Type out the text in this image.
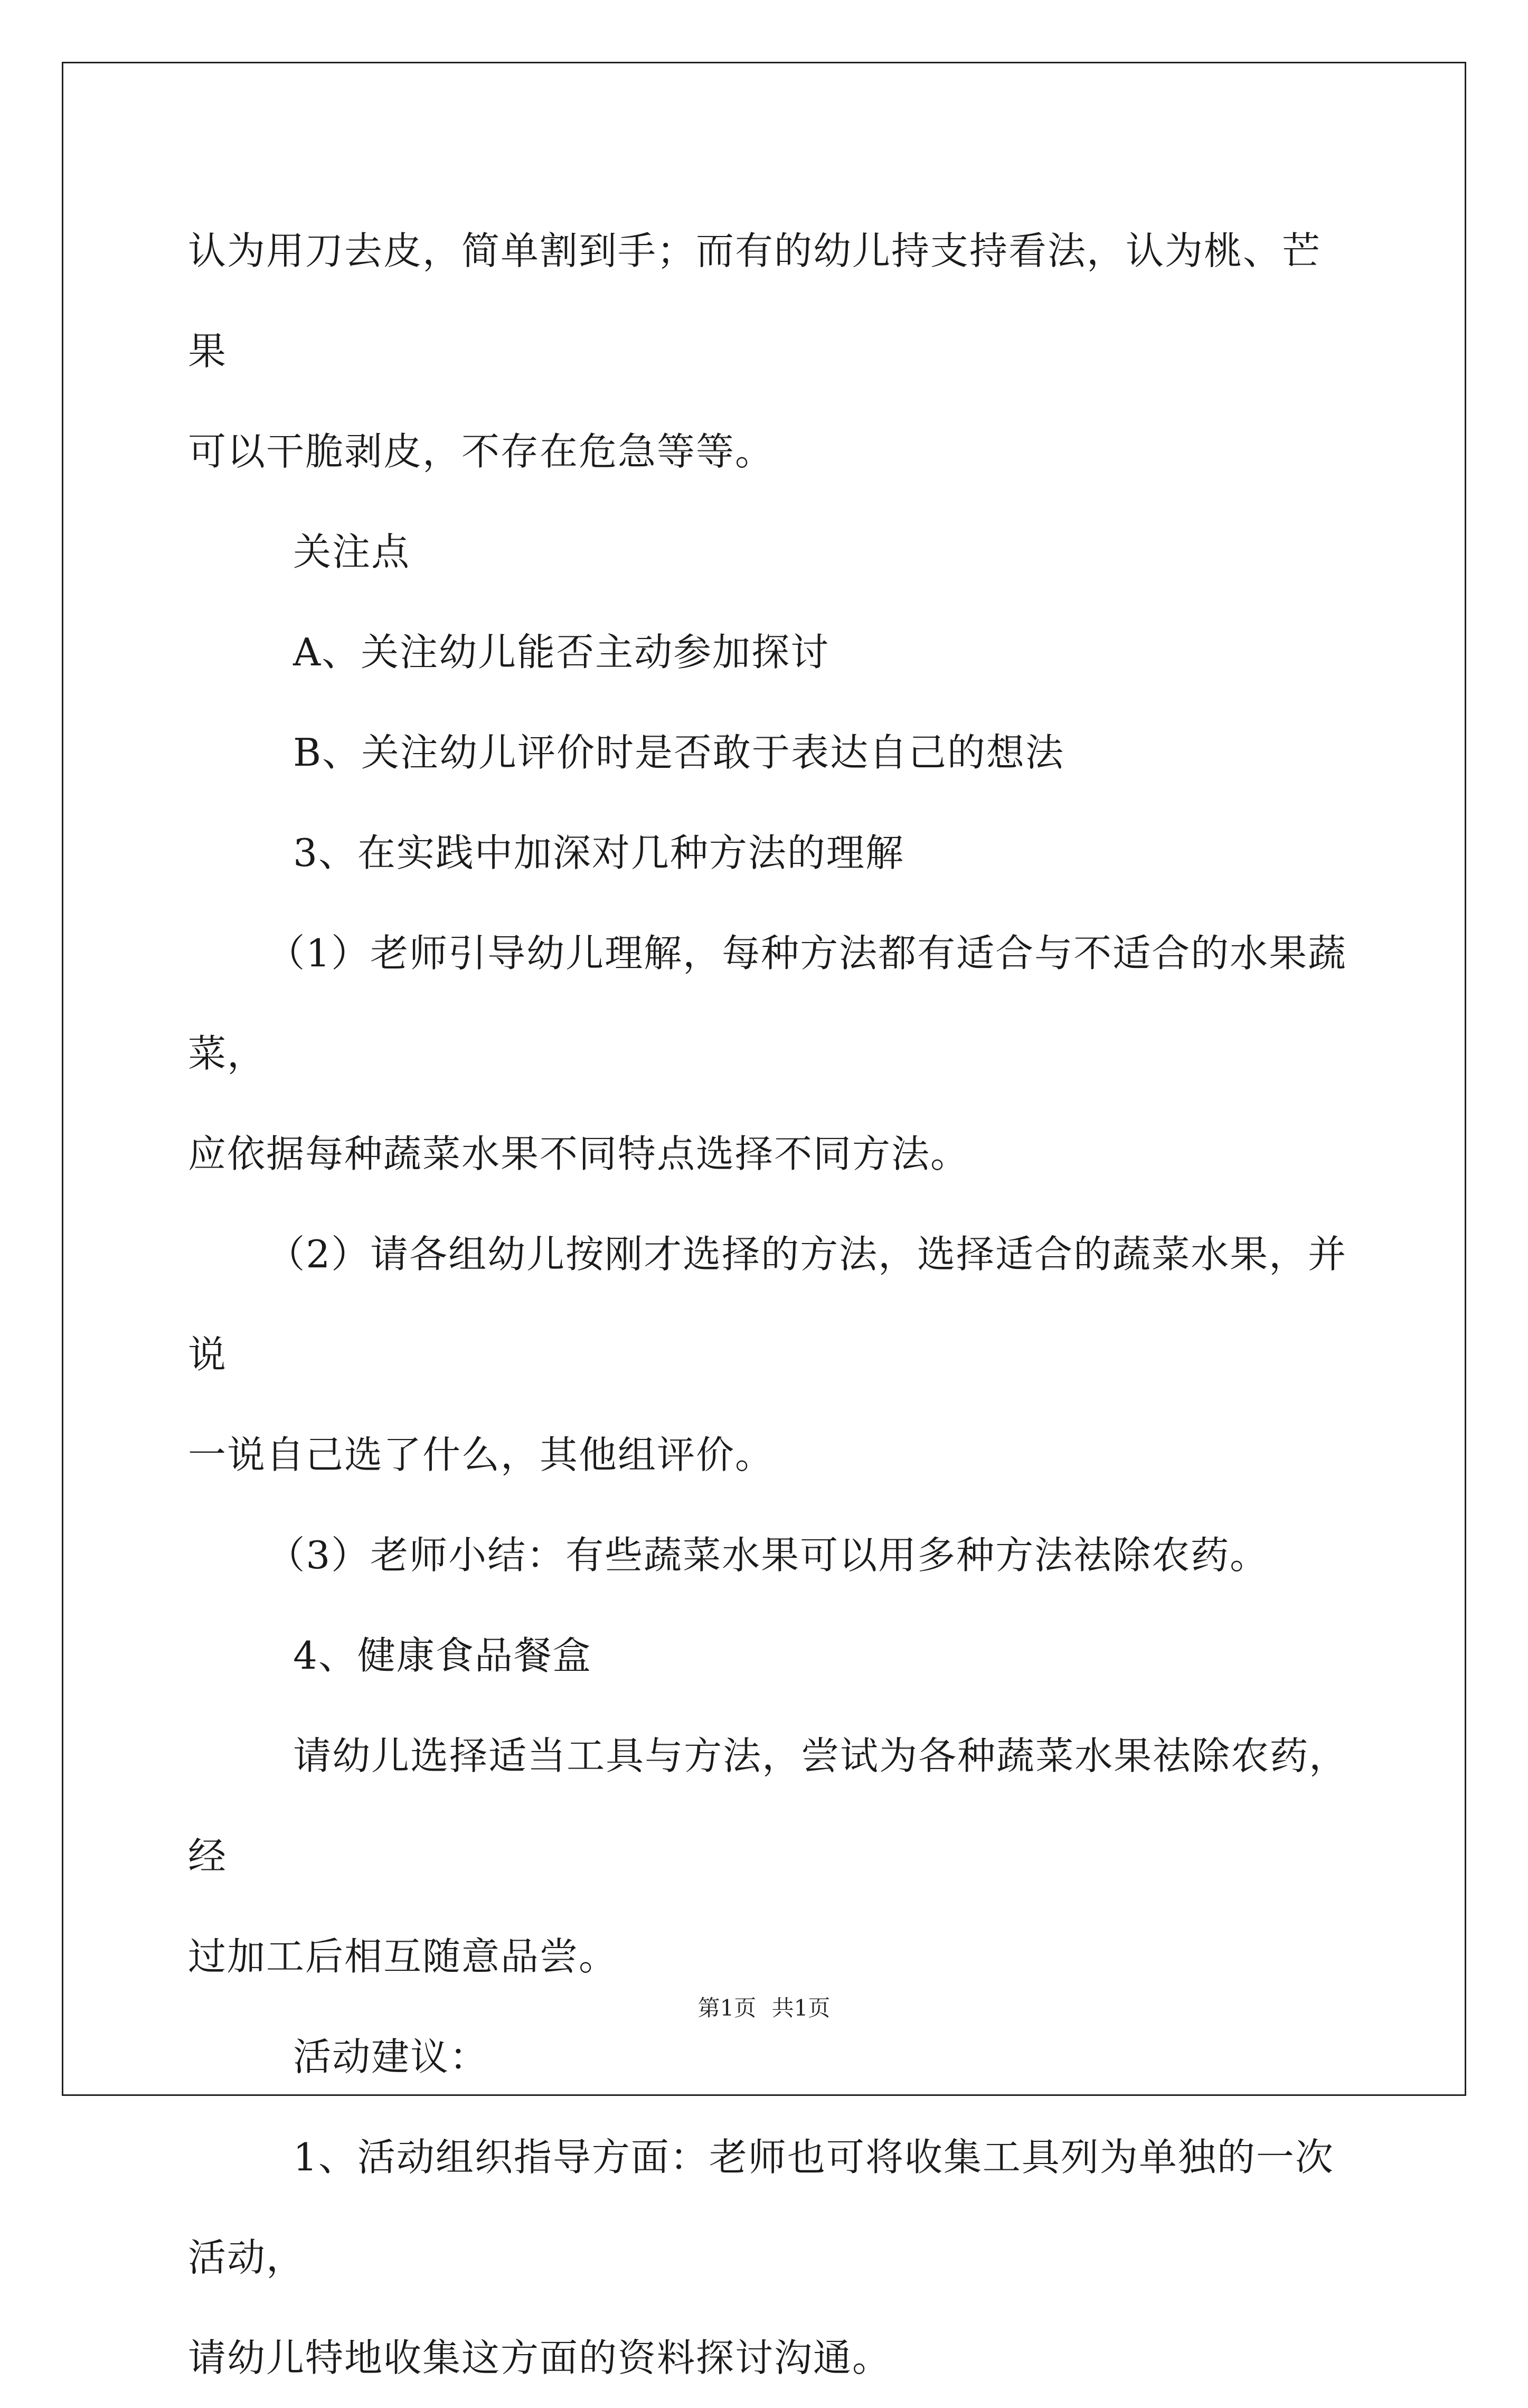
认为用刀去皮，简单割到手；而有的幼儿持支持看法，认为桃、芒果

可以干脆剥皮，不存在危急等等。

关注点

A、关注幼儿能否主动参加探讨

B、关注幼儿评价时是否敢于表达自己的想法

3、在实践中加深对几种方法的理解

（1）老师引导幼儿理解，每种方法都有适合与不适合的水果蔬菜，

应依据每种蔬菜水果不同特点选择不同方法。

（2）请各组幼儿按刚才选择的方法，选择适合的蔬菜水果，并说

一说自己选了什么，其他组评价。

（3）老师小结：有些蔬菜水果可以用多种方法祛除农药。

4、健康食品餐盒

请幼儿选择适当工具与方法，尝试为各种蔬菜水果祛除农药，经

过加工后相互随意品尝。

活动建议：

1、活动组织指导方面：老师也可将收集工具列为单独的一次活动，

请幼儿特地收集这方面的资料探讨沟通。

第1页 共1页
